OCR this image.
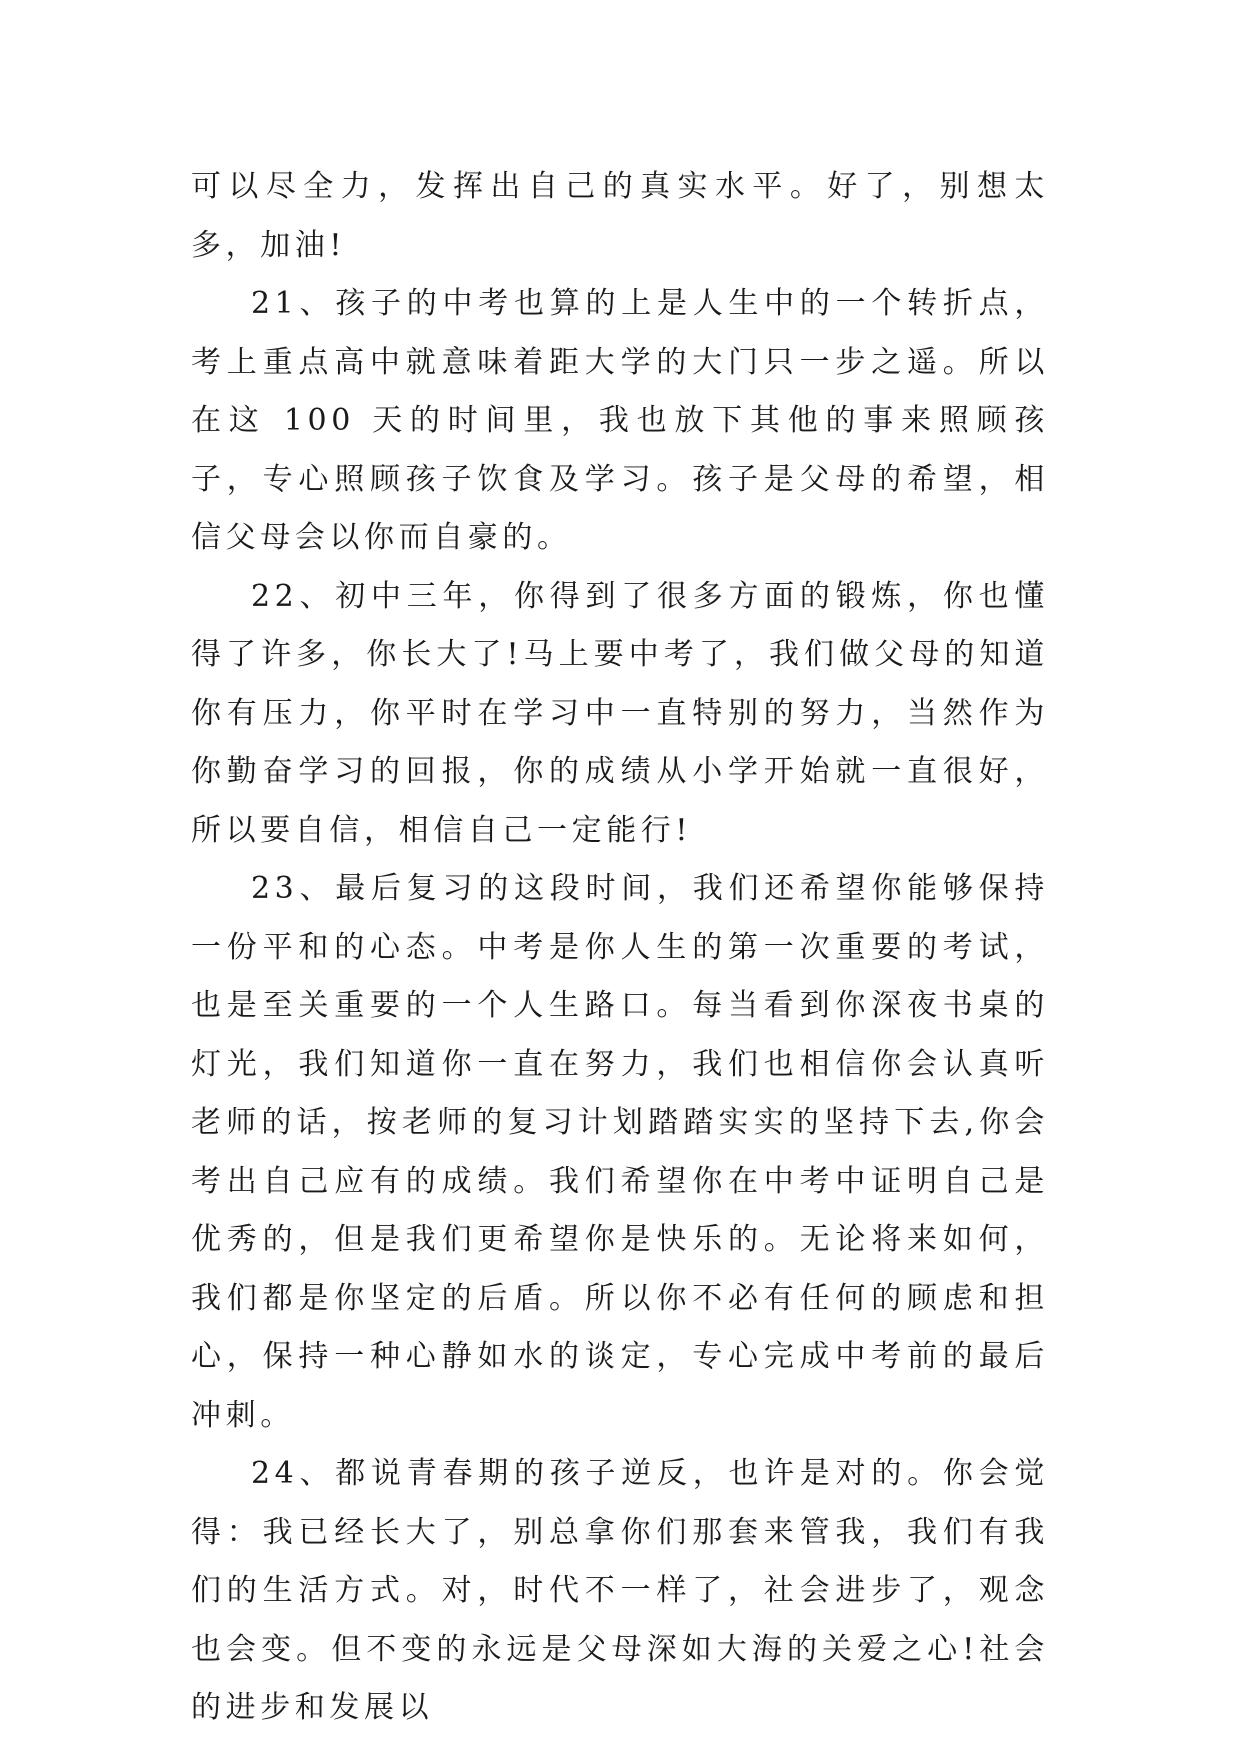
可以尽全力，发挥出自己的真实水平。好了，别想太多，加油!

21、孩子的中考也算的上是人生中的一个转折点，考上重点高中就意味着距大学的大门只一步之遥。所以在这 100 天的时间里，我也放下其他的事来照顾孩子，专心照顾孩子饮食及学习。孩子是父母的希望，相信父母会以你而自豪的。

22、初中三年，你得到了很多方面的锻炼，你也懂得了许多，你长大了!马上要中考了，我们做父母的知道你有压力，你平时在学习中一直特别的努力，当然作为你勤奋学习的回报，你的成绩从小学开始就一直很好，所以要自信，相信自己一定能行!

23、最后复习的这段时间，我们还希望你能够保持一份平和的心态。中考是你人生的第一次重要的考试，也是至关重要的一个人生路口。每当看到你深夜书桌的灯光，我们知道你一直在努力，我们也相信你会认真听老师的话，按老师的复习计划踏踏实实的坚持下去,你会考出自己应有的成绩。我们希望你在中考中证明自己是优秀的，但是我们更希望你是快乐的。无论将来如何，我们都是你坚定的后盾。所以你不必有任何的顾虑和担心，保持一种心静如水的谈定，专心完成中考前的最后冲刺。

24、都说青春期的孩子逆反，也许是对的。你会觉得：我已经长大了，别总拿你们那套来管我，我们有我们的生活方式。对，时代不一样了，社会进步了，观念也会变。但不变的永远是父母深如大海的关爱之心!社会的进步和发展以
